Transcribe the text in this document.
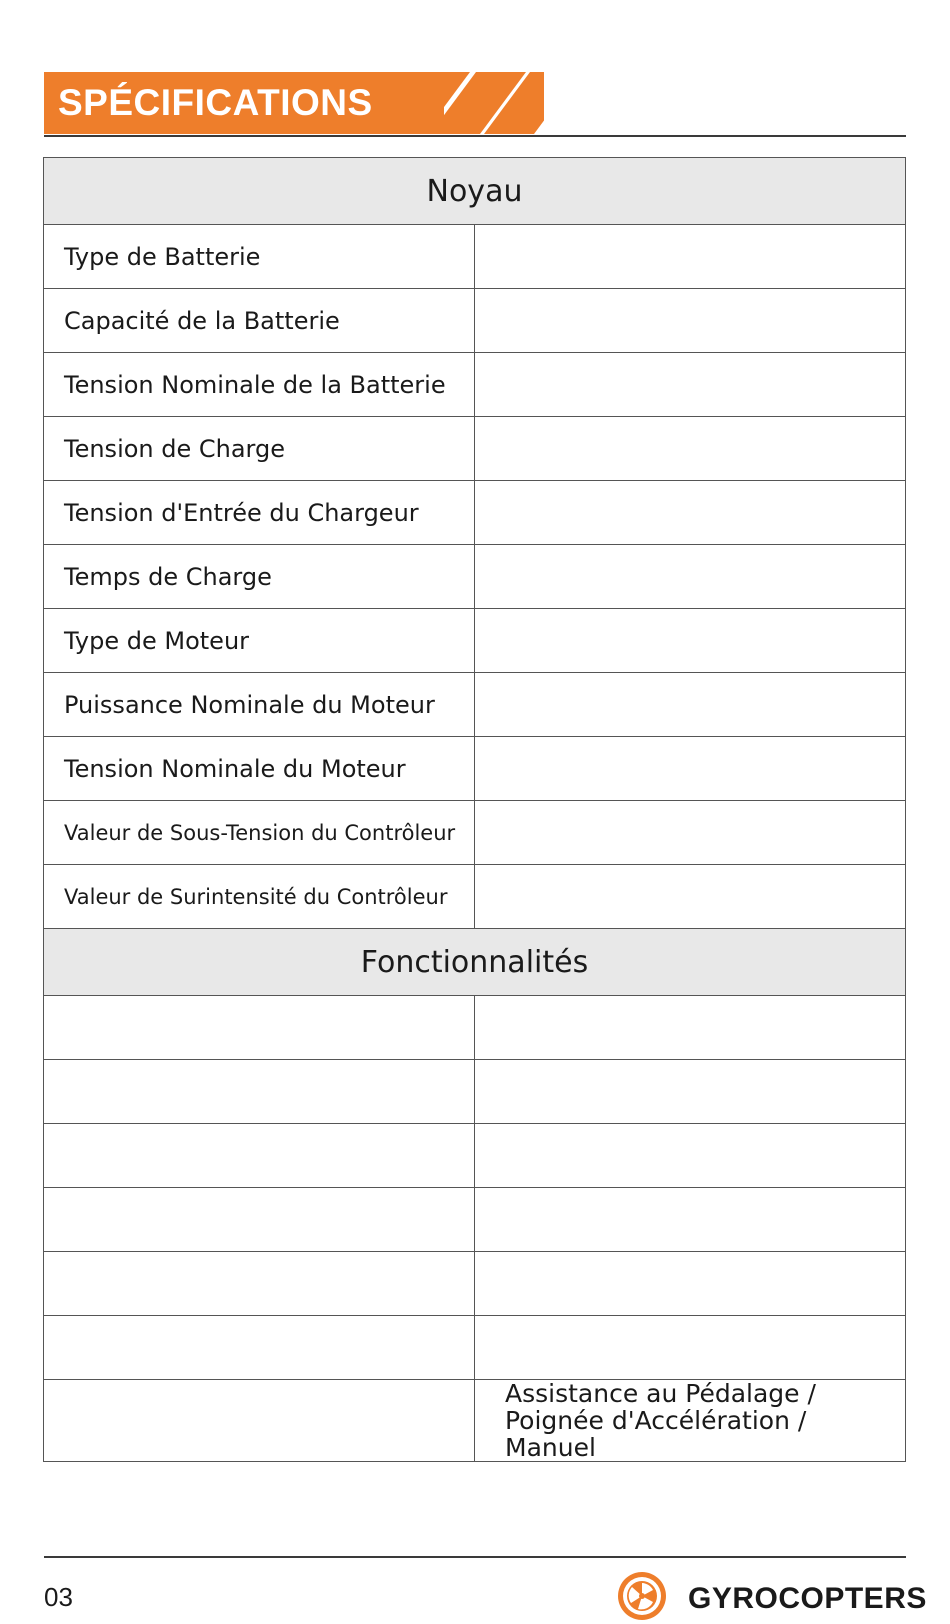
SPÉCIFICATIONS
Noyau	
Type de Batterie	
Capacité de la Batterie	
Tension Nominale de la Batterie	
Tension de Charge	
Tension d'Entrée du Chargeur	
Temps de Charge	
Type de Moteur	
Puissance Nominale du Moteur	
Tension Nominale du Moteur	
Valeur de Sous-Tension du Contrôleur	
Valeur de Surintensité du Contrôleur	
Fonctionnalités	

	Assistance au Pédalage /
Poignée d'Accélération / Manuel
03	GYROCOPTERS
